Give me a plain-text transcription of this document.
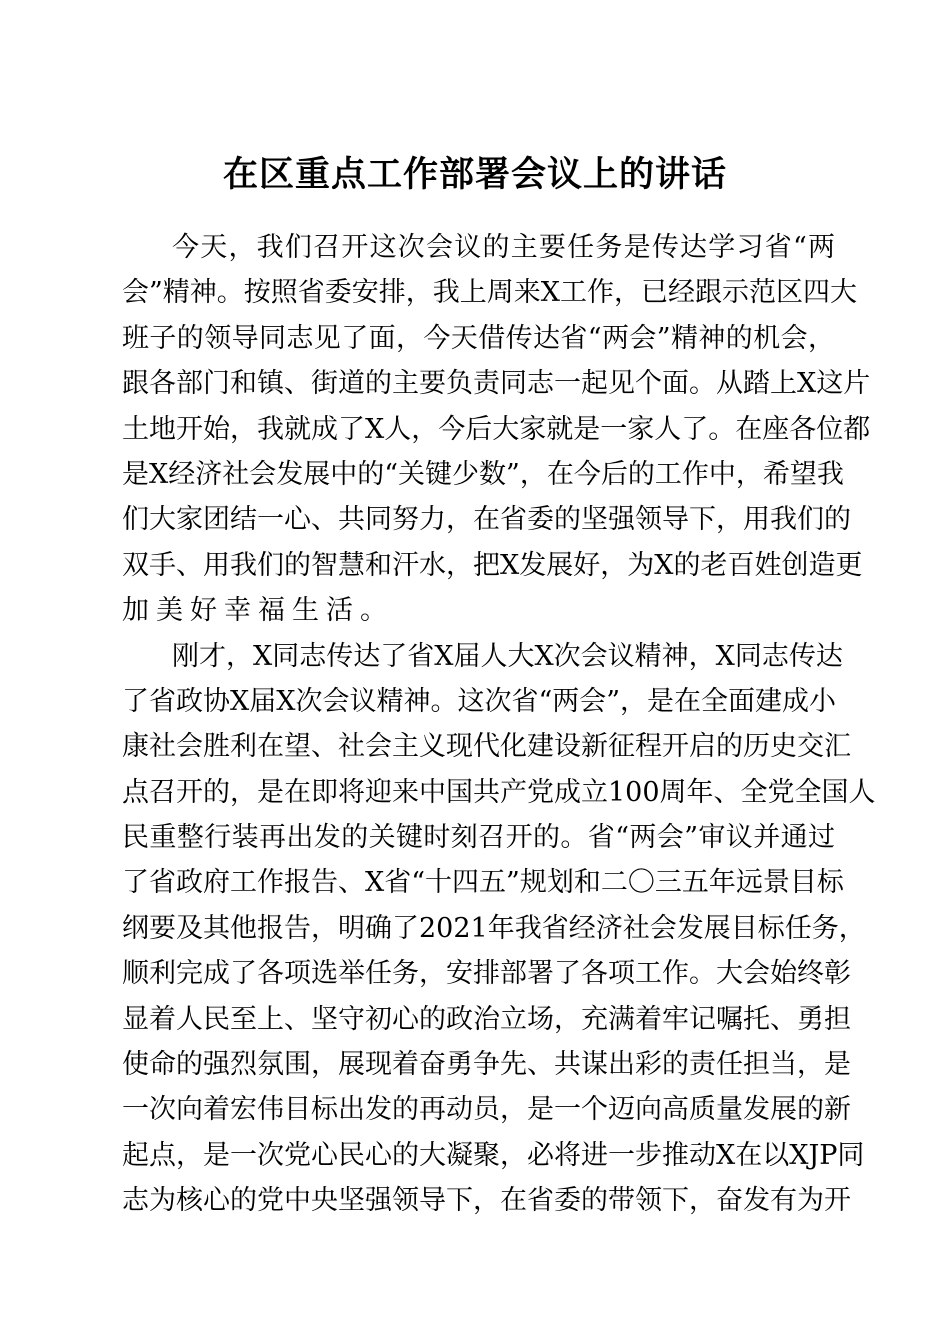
在区重点工作部署会议上的讲话
今天，我们召开这次会议的主要任务是传达学习省“两
会”精神。按照省委安排，我上周来X工作，已经跟示范区四大
班子的领导同志见了面，今天借传达省“两会”精神的机会，
跟各部门和镇、街道的主要负责同志一起见个面。从踏上X这片
土地开始，我就成了X人，今后大家就是一家人了。在座各位都
是X经济社会发展中的“关键少数”，在今后的工作中，希望我
们大家团结一心、共同努力，在省委的坚强领导下，用我们的
双手、用我们的智慧和汗水，把X发展好，为X的老百姓创造更
加美好幸福生活。
刚才，X同志传达了省X届人大X次会议精神，X同志传达
了省政协X届X次会议精神。这次省“两会”，是在全面建成小
康社会胜利在望、社会主义现代化建设新征程开启的历史交汇
点召开的，是在即将迎来中国共产党成立100周年、全党全国人
民重整行装再出发的关键时刻召开的。省“两会”审议并通过
了省政府工作报告、X省“十四五”规划和二〇三五年远景目标
纲要及其他报告，明确了2021年我省经济社会发展目标任务，
顺利完成了各项选举任务，安排部署了各项工作。大会始终彰
显着人民至上、坚守初心的政治立场，充满着牢记嘱托、勇担
使命的强烈氛围，展现着奋勇争先、共谋出彩的责任担当，是
一次向着宏伟目标出发的再动员，是一个迈向高质量发展的新
起点，是一次党心民心的大凝聚，必将进一步推动X在以XJP同
志为核心的党中央坚强领导下，在省委的带领下，奋发有为开
